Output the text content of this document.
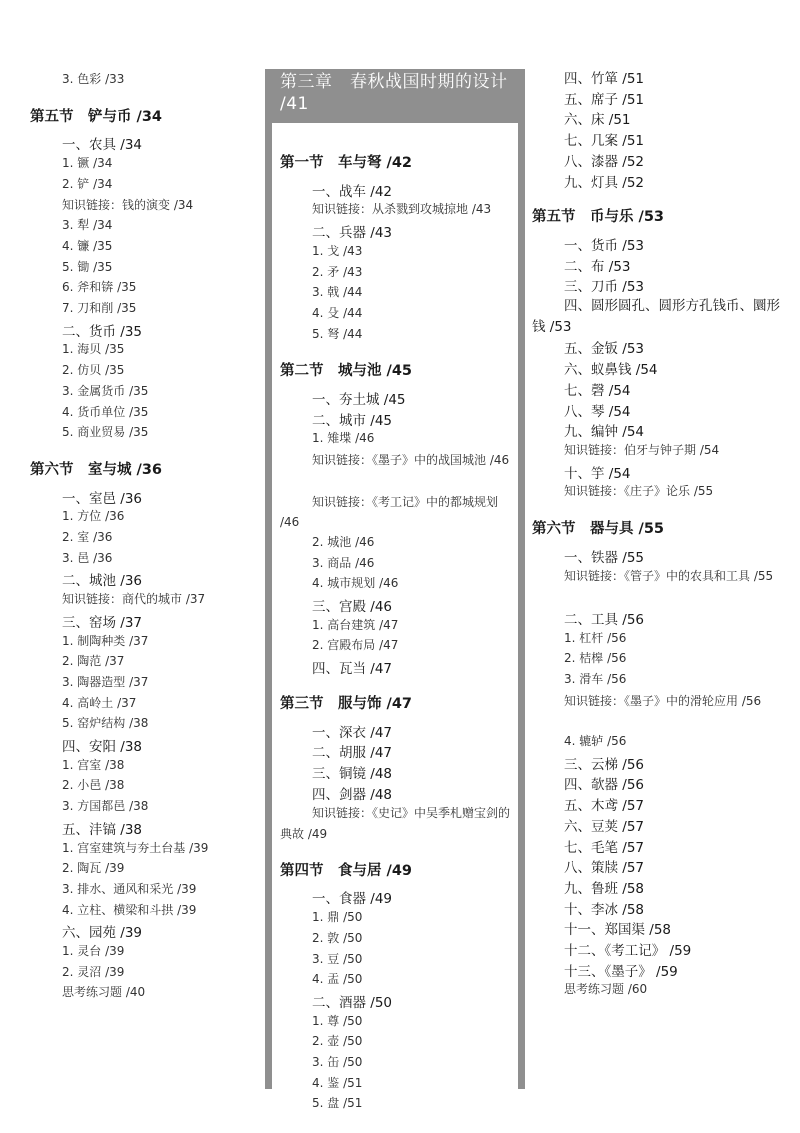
第三章　春秋战国时期的设计 /41
3. 色彩 /33
第五节　铲与币 /34
一、农具 /34
1. 镢 /34
2. 铲 /34
知识链接：钱的演变 /34
3. 犁 /34
4. 镰 /35
5. 锄 /35
6. 斧和锛 /35
7. 刀和削 /35
二、货币 /35
1. 海贝 /35
2. 仿贝 /35
3. 金属货币 /35
4. 货币单位 /35
5. 商业贸易 /35
第六节　室与城 /36
一、室邑 /36
1. 方位 /36
2. 室 /36
3. 邑 /36
二、城池 /36
知识链接：商代的城市 /37
三、窑场 /37
1. 制陶种类 /37
2. 陶范 /37
3. 陶器造型 /37
4. 高岭土 /37
5. 窑炉结构 /38
四、安阳 /38
1. 宫室 /38
2. 小邑 /38
3. 方国都邑 /38
五、沣镐 /38
1. 宫室建筑与夯土台基 /39
2. 陶瓦 /39
3. 排水、通风和采光 /39
4. 立柱、横梁和斗拱 /39
六、园苑 /39
1. 灵台 /39
2. 灵沼 /39
思考练习题 /40
第一节　车与弩 /42
一、战车 /42
知识链接：从杀戮到攻城掠地 /43
二、兵器 /43
1. 戈 /43
2. 矛 /43
3. 戟 /44
4. 殳 /44
5. 弩 /44
第二节　城与池 /45
一、夯土城 /45
二、城市 /45
1. 雉堞 /46
知识链接：《墨子》中的战国城池 /46
知识链接：《考工记》中的都城规划 /46
2. 城池 /46
3. 商品 /46
4. 城市规划 /46
三、宫殿 /46
1. 高台建筑 /47
2. 宫殿布局 /47
四、瓦当 /47
第三节　服与饰 /47
一、深衣 /47
二、胡服 /47
三、铜镜 /48
四、剑器 /48
知识链接：《史记》中吴季札赠宝剑的典故 /49
第四节　食与居 /49
一、食器 /49
1. 鼎 /50
2. 敦 /50
3. 豆 /50
4. 盂 /50
二、酒器 /50
1. 尊 /50
2. 壶 /50
3. 缶 /50
4. 鉴 /51
5. 盘 /51
四、竹箪 /51
五、席子 /51
六、床 /51
七、几案 /51
八、漆器 /52
九、灯具 /52
第五节　币与乐 /53
一、货币 /53
二、布 /53
三、刀币 /53
四、圆形圆孔、圆形方孔钱币、圜形钱 /53
五、金钣 /53
六、蚁鼻钱 /54
七、磬 /54
八、琴 /54
九、编钟 /54
知识链接：伯牙与钟子期 /54
十、竽 /54
知识链接：《庄子》论乐 /55
第六节　器与具 /55
一、铁器 /55
知识链接：《管子》中的农具和工具 /55
二、工具 /56
1. 杠杆 /56
2. 桔槔 /56
3. 滑车 /56
知识链接：《墨子》中的滑轮应用 /56
4. 辘轳 /56
三、云梯 /56
四、欹器 /56
五、木鸢 /57
六、豆荚 /57
七、毛笔 /57
八、策牍 /57
九、鲁班 /58
十、李冰 /58
十一、郑国渠 /58
十二、《考工记》 /59
十三、《墨子》 /59
思考练习题 /60
